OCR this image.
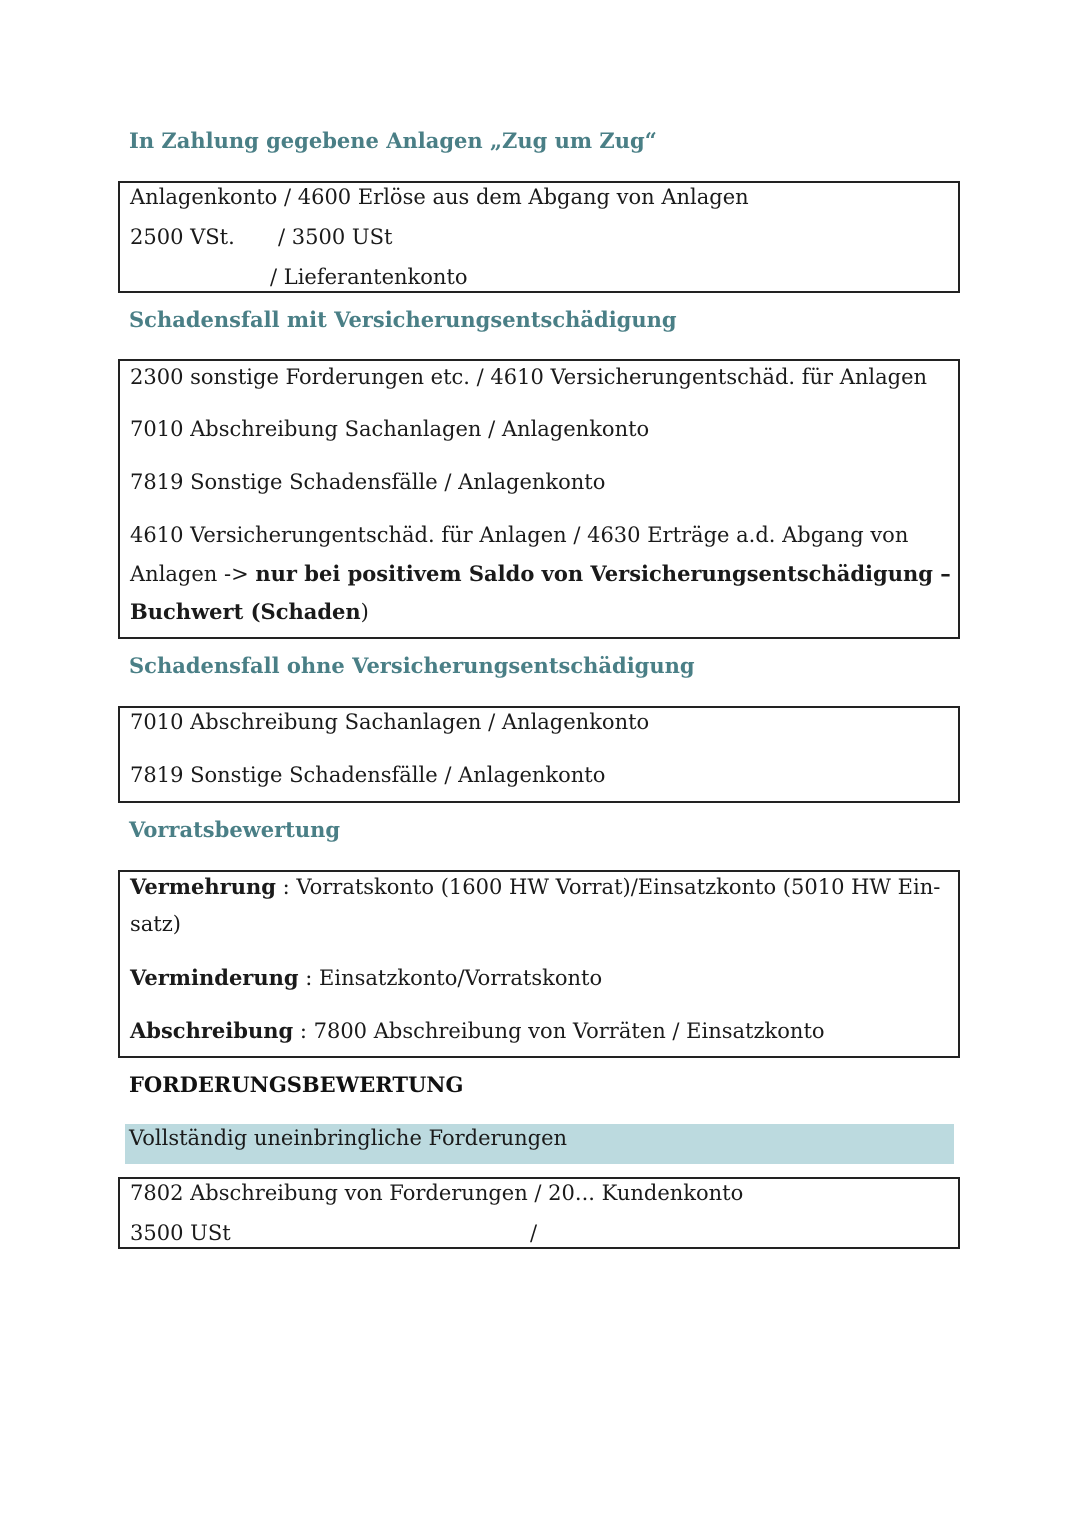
In Zahlung gegebene Anlagen „Zug um Zug“
Anlagenkonto / 4600 Erlöse aus dem Abgang von Anlagen
2500 VSt. / 3500 USt
/ Lieferantenkonto
Schadensfall mit Versicherungsentschädigung
2300 sonstige Forderungen etc. / 4610 Versicherungentschäd. für Anlagen
7010 Abschreibung Sachanlagen / Anlagenkonto
7819 Sonstige Schadensfälle / Anlagenkonto
4610 Versicherungentschäd. für Anlagen / 4630 Erträge a.d. Abgang von
Anlagen -> nur bei positivem Saldo von Versicherungsentschädigung –
Buchwert (Schaden)
Schadensfall ohne Versicherungsentschädigung
7010 Abschreibung Sachanlagen / Anlagenkonto
7819 Sonstige Schadensfälle / Anlagenkonto
Vorratsbewertung
Vermehrung : Vorratskonto (1600 HW Vorrat)/Einsatzkonto (5010 HW Ein-
satz)
Verminderung : Einsatzkonto/Vorratskonto
Abschreibung : 7800 Abschreibung von Vorräten / Einsatzkonto
FORDERUNGSBEWERTUNG
Vollständig uneinbringliche Forderungen
7802 Abschreibung von Forderungen / 20... Kundenkonto
3500 USt	/
